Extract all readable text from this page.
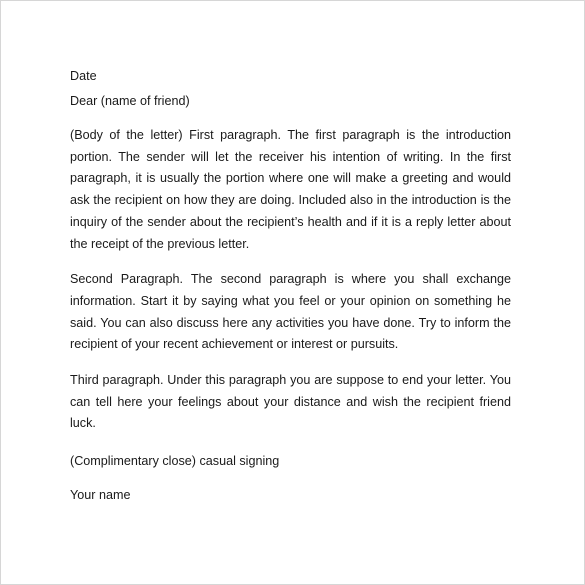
Date

Dear (name of friend)

(Body of the letter) First paragraph. The first paragraph is the introduction portion. The sender will let the receiver his intention of writing. In the first paragraph, it is usually the portion where one will make a greeting and would ask the recipient on how they are doing. Included also in the introduction is the inquiry of the sender about the recipient’s health and if it is a reply letter about the receipt of the previous letter.

Second Paragraph. The second paragraph is where you shall exchange information. Start it by saying what you feel or your opinion on something he said. You can also discuss here any activities you have done. Try to inform the recipient of your recent achievement or interest or pursuits.

Third paragraph. Under this paragraph you are suppose to end your letter. You can tell here your feelings about your distance and wish the recipient friend luck.

(Complimentary close) casual signing

Your name
